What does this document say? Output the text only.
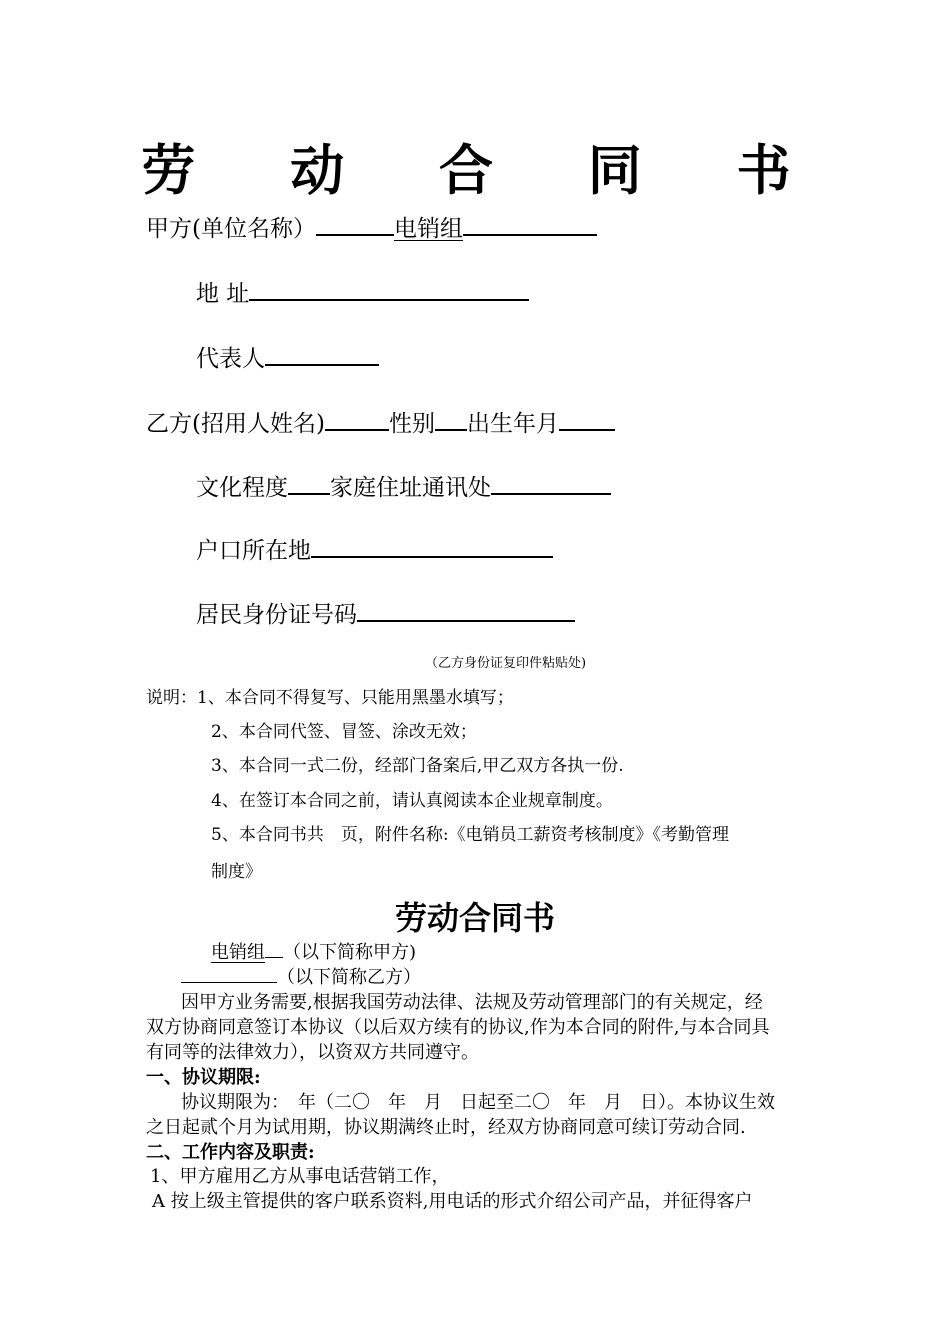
劳 动 合 同 书
甲方(单位名称）	电销组
地 址
代表人
乙方(招用人姓名)	性别 出生年月
文化程度 家庭住址通讯处
户口所在地
居民身份证号码
（乙方身份证复印件粘贴处)
说明：1、本合同不得复写、只能用黑墨水填写；
2、本合同代签、冒签、涂改无效；
3、本合同一式二份，经部门备案后,甲乙双方各执一份.
4、在签订本合同之前，请认真阅读本企业规章制度。
5、本合同书共　页，附件名称:《电销员工薪资考核制度》《考勤管理
制度》
劳动合同书
电销组 （以下简称甲方)
（以下简称乙方）
因甲方业务需要,根据我国劳动法律、法规及劳动管理部门的有关规定，经
双方协商同意签订本协议（以后双方续有的协议,作为本合同的附件,与本合同具
有同等的法律效力），以资双方共同遵守。
一、协议期限:
协议期限为：　年（二〇　年　月　日起至二〇　年　月　日）。本协议生效
之日起贰个月为试用期，协议期满终止时，经双方协商同意可续订劳动合同.
二、工作内容及职责:
1、甲方雇用乙方从事电话营销工作，
A 按上级主管提供的客户联系资料,用电话的形式介绍公司产品，并征得客户
